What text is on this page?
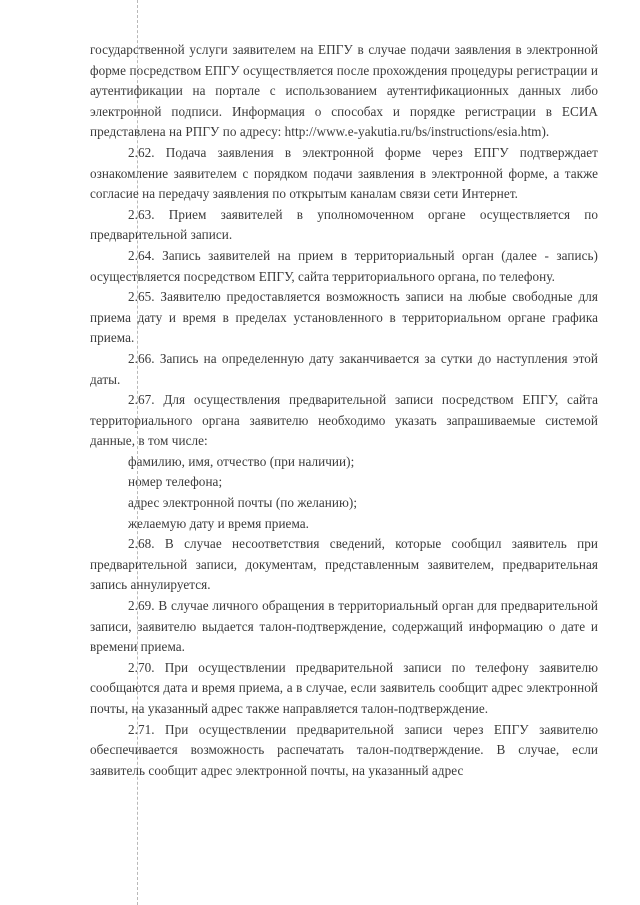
государственной услуги заявителем на ЕПГУ в случае подачи заявления в электронной форме посредством ЕПГУ осуществляется после прохождения процедуры регистрации и аутентификации на портале с использованием аутентификационных данных либо электронной подписи. Информация о способах и порядке регистрации в ЕСИА представлена на РПГУ по адресу: http://www.e-yakutia.ru/bs/instructions/esia.htm).

2.62. Подача заявления в электронной форме через ЕПГУ подтверждает ознакомление заявителем с порядком подачи заявления в электронной форме, а также согласие на передачу заявления по открытым каналам связи сети Интернет.

2.63. Прием заявителей в уполномоченном органе осуществляется по предварительной записи.

2.64. Запись заявителей на прием в территориальный орган (далее - запись) осуществляется посредством ЕПГУ, сайта территориального органа, по телефону.

2.65. Заявителю предоставляется возможность записи на любые свободные для приема дату и время в пределах установленного в территориальном органе графика приема.

2.66. Запись на определенную дату заканчивается за сутки до наступления этой даты.

2.67. Для осуществления предварительной записи посредством ЕПГУ, сайта территориального органа заявителю необходимо указать запрашиваемые системой данные, в том числе:

фамилию, имя, отчество (при наличии);

номер телефона;

адрес электронной почты (по желанию);

желаемую дату и время приема.

2.68. В случае несоответствия сведений, которые сообщил заявитель при предварительной записи, документам, представленным заявителем, предварительная запись аннулируется.

2.69. В случае личного обращения в территориальный орган для предварительной записи, заявителю выдается талон-подтверждение, содержащий информацию о дате и времени приема.

2.70. При осуществлении предварительной записи по телефону заявителю сообщаются дата и время приема, а в случае, если заявитель сообщит адрес электронной почты, на указанный адрес также направляется талон-подтверждение.

2.71. При осуществлении предварительной записи через ЕПГУ заявителю обеспечивается возможность распечатать талон-подтверждение. В случае, если заявитель сообщит адрес электронной почты, на указанный адрес
